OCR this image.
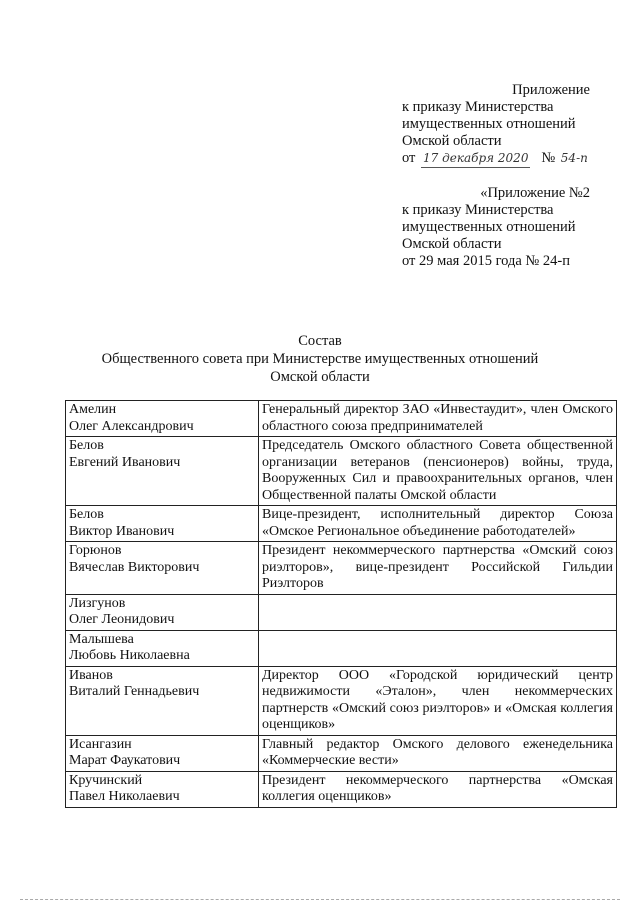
Приложение
к приказу Министерства
имущественных отношений
Омской области
от 17 декабря 2020 № 54-п
«Приложение №2
к приказу Министерства
имущественных отношений
Омской области
от 29 мая 2015 года № 24-п
Состав
Общественного совета при Министерстве имущественных отношений
Омской области
Амелин
Олег Александрович	Генеральный директор ЗАО «Инвестаудит», член Омского областного союза предпринимателей

Белов
Евгений Иванович	Председатель Омского областного Совета общественной организации ветеранов (пенсионеров) войны, труда, Вооруженных Сил и правоохранительных органов, член Общественной палаты Омской области

Белов
Виктор Иванович	Вице-президент, исполнительный директор Союза «Омское Региональное объединение работодателей»

Горюнов
Вячеслав Викторович	Президент некоммерческого партнерства «Омский союз риэлторов», вице-президент Российской Гильдии Риэлторов

Лизгунов
Олег Леонидович	

Малышева
Любовь Николаевна	

Иванов
Виталий Геннадьевич	Директор ООО «Городской юридический центр недвижимости «Эталон», член некоммерческих партнерств «Омский союз риэлторов» и «Омская коллегия оценщиков»

Исангазин
Марат Фаукатович	Главный редактор Омского делового еженедельника «Коммерческие вести»

Кручинский
Павел Николаевич	Президент некоммерческого партнерства «Омская коллегия оценщиков»
